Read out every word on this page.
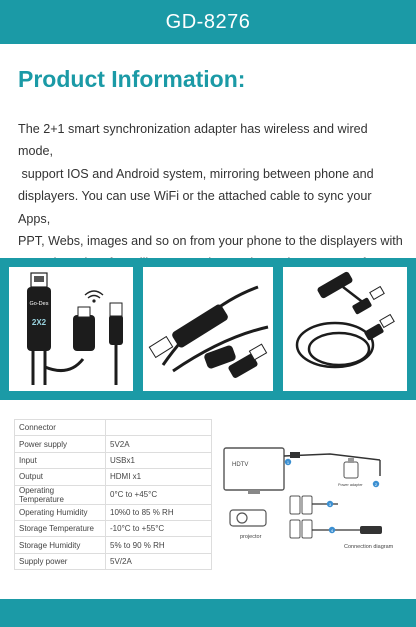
GD-8276
Product Information:
The 2+1 smart synchronization adapter has wireless and wired mode,
support IOS and Android system, mirroring between phone and
displayers. You can use WiFi or the attached cable to sync your Apps,
PPT, Webs, images and so on from your phone to the displayers with
Go-Des
2X2
Connector	
Power supply	5V2A
Input	USBx1
Output	HDMI x1
Operating Temperature	0°C to +45°C
Operating Humidity	10%0 to 85 % RH
Storage Temperature	-10°C to +55°C
Storage Humidity	5% to 90 % RH
Supply power	5V/2A
HDTV	1
Power adapter	2
3
4
projector
Connection diagram
